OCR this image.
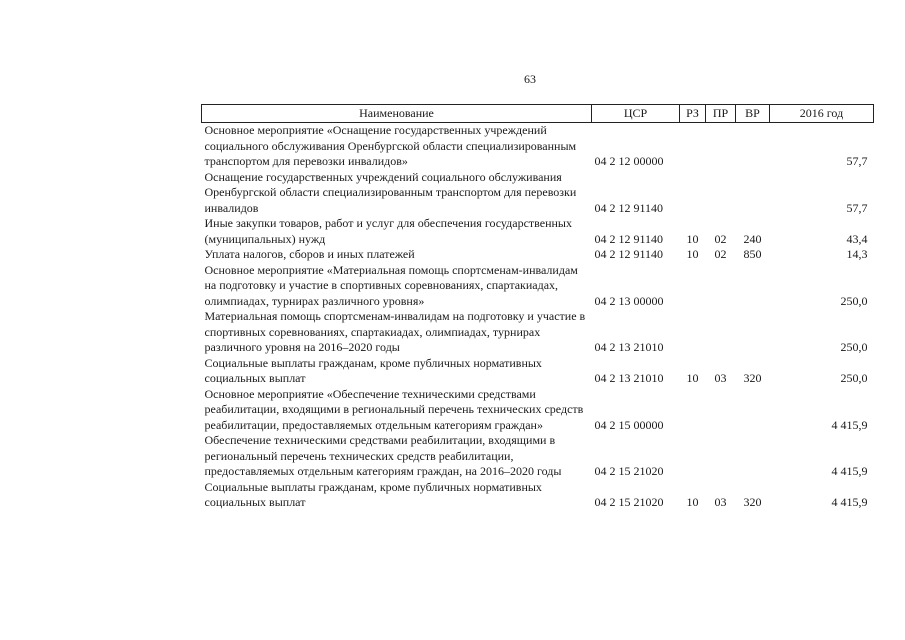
63
Наименование	ЦСР	РЗ	ПР	ВР	2016 год
Основное мероприятие «Оснащение государственных учреждений социального обслуживания Оренбургской области специализированным транспортом для перевозки инвалидов»	04 2 12 00000				57,7
Оснащение государственных учреждений социального обслуживания Оренбургской области специализированным транспортом для перевозки инвалидов	04 2 12 91140				57,7
Иные закупки товаров, работ и услуг для обеспечения государственных (муниципальных) нужд	04 2 12 91140	10	02	240	43,4
Уплата налогов, сборов и иных платежей	04 2 12 91140	10	02	850	14,3
Основное мероприятие «Материальная помощь спортсменам-инвалидам на подготовку и участие в спортивных соревнованиях, спартакиадах, олимпиадах, турнирах различного уровня»	04 2 13 00000				250,0
Материальная помощь спортсменам-инвалидам на подготовку и участие в спортивных соревнованиях, спартакиадах, олимпиадах, турнирах различного уровня на 2016–2020 годы	04 2 13 21010				250,0
Социальные выплаты гражданам, кроме публичных нормативных социальных выплат	04 2 13 21010	10	03	320	250,0
Основное мероприятие «Обеспечение техническими средствами реабилитации, входящими в региональный перечень технических средств реабилитации, предоставляемых отдельным категориям граждан»	04 2 15 00000				4 415,9
Обеспечение техническими средствами реабилитации, входящими в региональный перечень технических средств реабилитации, предоставляемых отдельным категориям граждан, на 2016–2020 годы	04 2 15 21020				4 415,9
Социальные выплаты гражданам, кроме публичных нормативных социальных выплат	04 2 15 21020	10	03	320	4 415,9
